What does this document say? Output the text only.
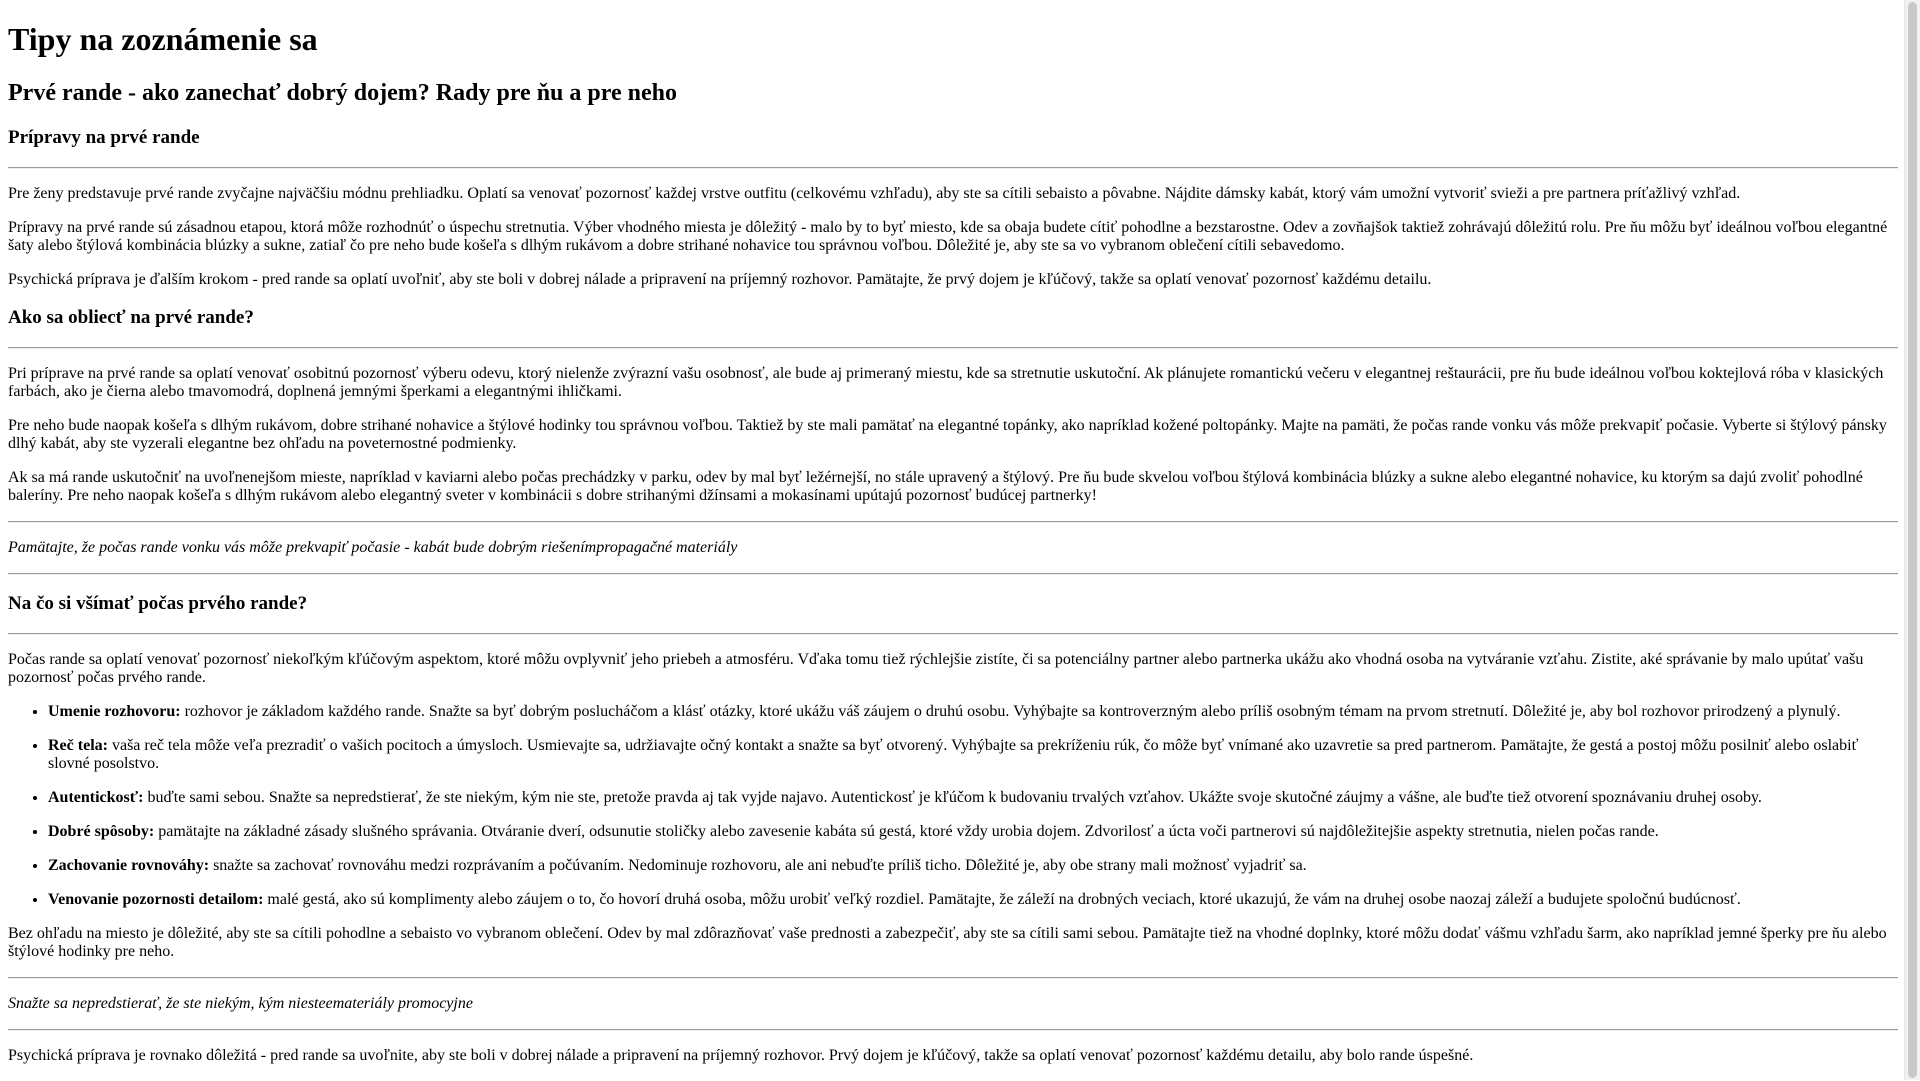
Tipy na zoznámenie sa
Prvé rande - ako zanechať dobrý dojem? Rady pre ňu a pre neho
Prípravy na prvé rande

Pre ženy predstavuje prvé rande zvyčajne najväčšiu módnu prehliadku. Oplatí sa venovať pozornosť každej vrstve outfitu (celkovému vzhľadu), aby ste sa cítili sebaisto a pôvabne. Nájdite dámsky kabát, ktorý vám umožní vytvoriť svieži a pre partnera príťažlivý vzhľad.

Prípravy na prvé rande sú zásadnou etapou, ktorá môže rozhodnúť o úspechu stretnutia. Výber vhodného miesta je dôležitý - malo by to byť miesto, kde sa obaja budete cítiť pohodlne a bezstarostne. Odev a zovňajšok taktiež zohrávajú dôležitú rolu. Pre ňu môžu byť ideálnou voľbou elegantné šaty alebo štýlová kombinácia blúzky a sukne, zatiaľ čo pre neho bude košeľa s dlhým rukávom a dobre strihané nohavice tou správnou voľbou. Dôležité je, aby ste sa vo vybranom oblečení cítili sebavedomo.

Psychická príprava je ďalším krokom - pred rande sa oplatí uvoľniť, aby ste boli v dobrej nálade a pripravení na príjemný rozhovor. Pamätajte, že prvý dojem je kľúčový, takže sa oplatí venovať pozornosť každému detailu.

Ako sa obliecť na prvé rande?

Pri príprave na prvé rande sa oplatí venovať osobitnú pozornosť výberu odevu, ktorý nielenže zvýrazní vašu osobnosť, ale bude aj primeraný miestu, kde sa stretnutie uskutoční. Ak plánujete romantickú večeru v elegantnej reštaurácii, pre ňu bude ideálnou voľbou koktejlová róba v klasických farbách, ako je čierna alebo tmavomodrá, doplnená jemnými šperkami a elegantnými ihličkami.

Pre neho bude naopak košeľa s dlhým rukávom, dobre strihané nohavice a štýlové hodinky tou správnou voľbou. Taktiež by ste mali pamätať na elegantné topánky, ako napríklad kožené poltopánky. Majte na pamäti, že počas rande vonku vás môže prekvapiť počasie. Vyberte si štýlový pánsky dlhý kabát, aby ste vyzerali elegantne bez ohľadu na poveternostné podmienky.

Ak sa má rande uskutočniť na uvoľnenejšom mieste, napríklad v kaviarni alebo počas prechádzky v parku, odev by mal byť ležérnejší, no stále upravený a štýlový. Pre ňu bude skvelou voľbou štýlová kombinácia blúzky a sukne alebo elegantné nohavice, ku ktorým sa dajú zvoliť pohodlné baleríny. Pre neho naopak košeľa s dlhým rukávom alebo elegantný sveter v kombinácii s dobre strihanými džínsami a mokasínami upútajú pozornosť budúcej partnerky!

Pamätajte, že počas rande vonku vás môže prekvapiť počasie - kabát bude dobrým riešenímpropagačné materiály

Na čo si všímať počas prvého rande?

Počas rande sa oplatí venovať pozornosť niekoľkým kľúčovým aspektom, ktoré môžu ovplyvniť jeho priebeh a atmosféru. Vďaka tomu tiež rýchlejšie zistíte, či sa potenciálny partner alebo partnerka ukážu ako vhodná osoba na vytváranie vzťahu. Zistite, aké správanie by malo upútať vašu pozornosť počas prvého rande.

• Umenie rozhovoru: rozhovor je základom každého rande. Snažte sa byť dobrým poslucháčom a klásť otázky, ktoré ukážu váš záujem o druhú osobu. Vyhýbajte sa kontroverzným alebo príliš osobným témam na prvom stretnutí. Dôležité je, aby bol rozhovor prirodzený a plynulý.
• Reč tela: vaša reč tela môže veľa prezradiť o vašich pocitoch a úmysloch. Usmievajte sa, udržiavajte očný kontakt a snažte sa byť otvorený. Vyhýbajte sa prekríženiu rúk, čo môže byť vnímané ako uzavretie sa pred partnerom. Pamätajte, že gestá a postoj môžu posilniť alebo oslabiť slovné posolstvo.
• Autentickosť: buďte sami sebou. Snažte sa nepredstierať, že ste niekým, kým nie ste, pretože pravda aj tak vyjde najavo. Autentickosť je kľúčom k budovaniu trvalých vzťahov. Ukážte svoje skutočné záujmy a vášne, ale buďte tiež otvorení spoznávaniu druhej osoby.
• Dobré spôsoby: pamätajte na základné zásady slušného správania. Otváranie dverí, odsunutie stoličky alebo zavesenie kabáta sú gestá, ktoré vždy urobia dojem. Zdvorilosť a úcta voči partnerovi sú najdôležitejšie aspekty stretnutia, nielen počas rande.
• Zachovanie rovnováhy: snažte sa zachovať rovnováhu medzi rozprávaním a počúvaním. Nedominuje rozhovoru, ale ani nebuďte príliš ticho. Dôležité je, aby obe strany mali možnosť vyjadriť sa.
• Venovanie pozornosti detailom: malé gestá, ako sú komplimenty alebo záujem o to, čo hovorí druhá osoba, môžu urobiť veľký rozdiel. Pamätajte, že záleží na drobných veciach, ktoré ukazujú, že vám na druhej osobe naozaj záleží a budujete spoločnú budúcnosť.

Bez ohľadu na miesto je dôležité, aby ste sa cítili pohodlne a sebaisto vo vybranom oblečení. Odev by mal zdôrazňovať vaše prednosti a zabezpečiť, aby ste sa cítili sami sebou. Pamätajte tiež na vhodné doplnky, ktoré môžu dodať vášmu vzhľadu šarm, ako napríklad jemné šperky pre ňu alebo štýlové hodinky pre neho.

Snažte sa nepredstierať, že ste niekým, kým niesteemateriály promocyjne

Psychická príprava je rovnako dôležitá - pred rande sa uvoľnite, aby ste boli v dobrej nálade a pripravení na príjemný rozhovor. Prvý dojem je kľúčový, takže sa oplatí venovať pozornosť každému detailu, aby bolo rande úspešné.
